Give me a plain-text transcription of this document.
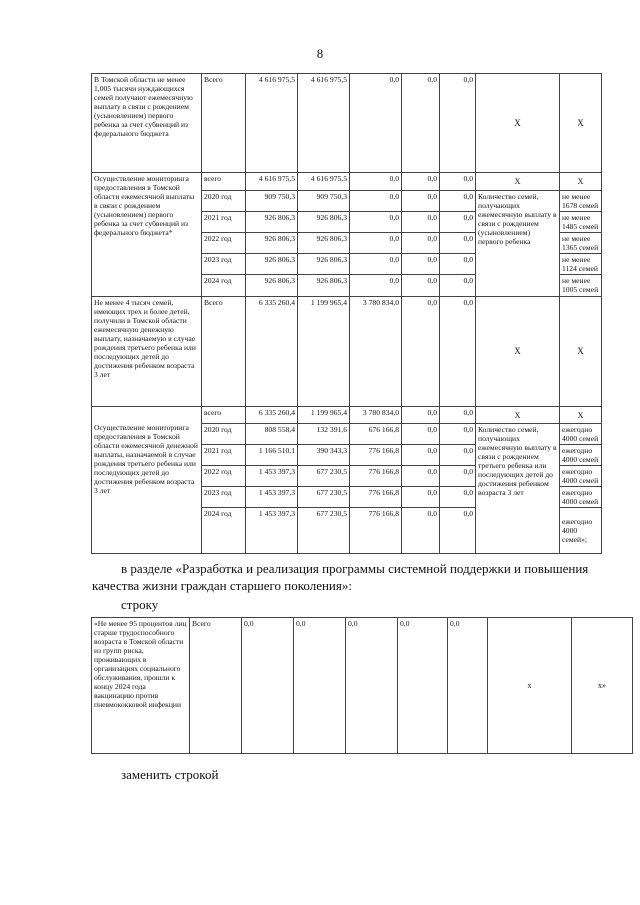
8
В Томской области не менее 1,005 тысячи нуждающихся семей получают ежемесячную выплату в связи с рождением (усыновлением) первого ребенка за счет субвенций из федерального бюджета	Всего	4 616 975,5	4 616 975,5	0,0	0,0	0,0	Х	Х
Осуществление мониторинга предоставления в Томской области ежемесячной выплаты в связи с рождением (усыновлением) первого ребенка за счет субвенций из федерального бюджета*	всего	4 616 975,5	4 616 975,5	0,0	0,0	0,0	Х	Х
	2020 год	909 750,3	909 750,3	0,0	0,0	0,0	Количество семей, получающих ежемесячную выплату в связи с рождением (усыновлением) первого ребенка	не менее 1678 семей
	2021 год	926 806,3	926 806,3	0,0	0,0	0,0		не менее 1485 семей
	2022 год	926 806,3	926 806,3	0,0	0,0	0,0		не менее 1365 семей
	2023 год	926 806,3	926 806,3	0,0	0,0	0,0		не менее 1124 семей
	2024 год	926 806,3	926 806,3	0,0	0,0	0,0		не менее 1005 семей
Не менее 4 тысяч семей, имеющих трех и более детей, получили в Томской области ежемесячную денежную выплату, назначаемую в случае рождения третьего ребенка или последующих детей до достижения ребенком возраста 3 лет	Всего	6 335 260,4	1 199 965,4	3 780 834,0	0,0	0,0	Х	Х
Осуществление мониторинга предоставления в Томской области ежемесячной денежной выплаты, назначаемой в случае рождения третьего ребенка или последующих детей до достижения ребенком возраста 3 лет	всего	6 335 260,4	1 199 965,4	3 780 834,0	0,0	0,0	Х	Х
	2020 год	808 558,4	132 391,6	676 166,8	0,0	0,0	Количество семей, получающих ежемесячную выплату в связи с рождением третьего ребенка или последующих детей до достижения ребенком возраста 3 лет	ежегодно 4000 семей
	2021 год	1 166 510,1	390 343,3	776 166,8	0,0	0,0		ежегодно 4000 семей
	2022 год	1 453 397,3	677 230,5	776 166,8	0,0	0,0		ежегодно 4000 семей
	2023 год	1 453 397,3	677 230,5	776 166,8	0,0	0,0		ежегодно 4000 семей
	2024 год	1 453 397,3	677 230,5	776 166,8	0,0	0,0		ежегодно 4000 семей»;
в разделе «Разработка и реализация программы системной поддержки и повышения качества жизни граждан старшего поколения»:
строку
«Не менее 95 процентов лиц старше трудоспособного возраста в Томской области из групп риска, проживающих в организациях социального обслуживания, прошли к концу 2024 года вакцинацию против пневмококковой инфекции	Всего	0,0	0,0	0,0	0,0	0,0	х	х»
заменить строкой
